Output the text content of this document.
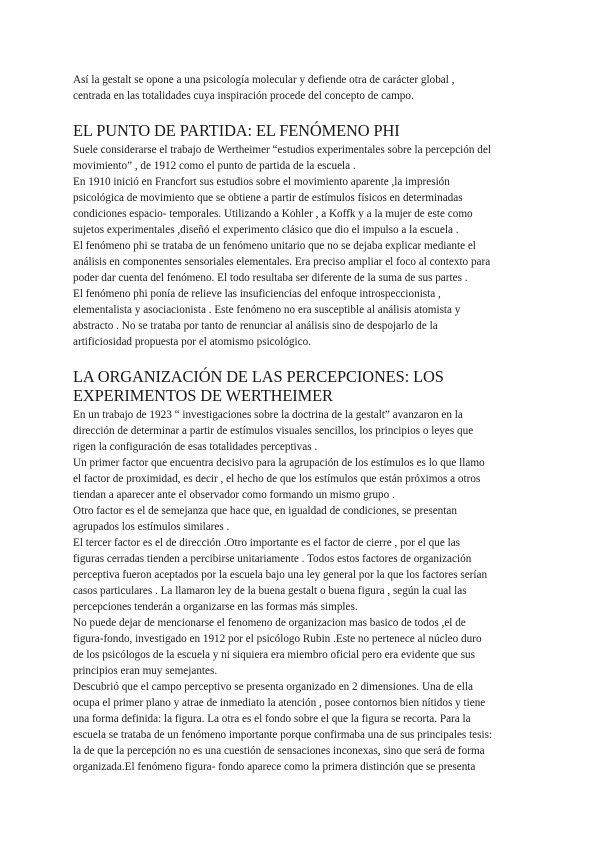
Así la gestalt se opone a una psicología molecular y defiende otra de carácter global ,

centrada en las totalidades cuya inspiración procede del concepto de campo.

EL PUNTO DE PARTIDA: EL FENÓMENO PHI

Suele considerarse el trabajo de Wertheimer “estudios experimentales sobre la percepción del

movimiento” , de 1912 como el punto de partida de la escuela .

En 1910 inició en Francfort sus estudios sobre el movimiento aparente ,la impresión

psicológica de movimiento que se obtiene a partir de estímulos físicos en determinadas

condiciones espacio- temporales. Utilizando a Kohler , a Koffk y a la mujer de este como

sujetos experimentales ,diseñó el experimento clásico que dio el impulso a la escuela .

El fenómeno phi se trataba de un fenómeno unitario que no se dejaba explicar mediante el

análisis en componentes sensoriales elementales. Era preciso ampliar el foco al contexto para

poder dar cuenta del fenómeno. El todo resultaba ser diferente de la suma de sus partes .

El fenómeno phi ponía de relieve las insuficiencias del enfoque introspeccionista ,

elementalista y asociacionista . Este fenómeno no era susceptible al análisis atomista y

abstracto . No se trataba por tanto de renunciar al análisis sino de despojarlo de la

artificiosidad propuesta por el atomismo psicológico.

LA ORGANIZACIÓN DE LAS PERCEPCIONES: LOS
EXPERIMENTOS DE WERTHEIMER

En un trabajo de 1923 “ investigaciones sobre la doctrina de la gestalt” avanzaron en la

dirección de determinar a partir de estímulos visuales sencillos, los principios o leyes que

rigen la configuración de esas totalidades perceptivas .

Un primer factor que encuentra decisivo para la agrupación de los estímulos es lo que llamo

el factor de proximidad, es decir , el hecho de que los estímulos que están próximos a otros

tiendan a aparecer ante el observador como formando un mismo grupo .

Otro factor es el de semejanza que hace que, en igualdad de condiciones, se presentan

agrupados los estímulos similares .

El tercer factor es el de dirección .Otro importante es el factor de cierre , por el que las

figuras cerradas tienden a percibirse unitariamente . Todos estos factores de organización

perceptiva fueron aceptados por la escuela bajo una ley general por la que los factores serían

casos particulares . La llamaron ley de la buena gestalt o buena figura , según la cual las

percepciones tenderán a organizarse en las formas más simples.

No puede dejar de mencionarse el fenomeno de organizacion mas basico de todos ,el de

figura-fondo, investigado en 1912 por el psicólogo Rubin .Este no pertenece al núcleo duro

de los psicólogos de la escuela y ni siquiera era miembro oficial pero era evidente que sus

principios eran muy semejantes.

Descubrió que el campo perceptivo se presenta organizado en 2 dimensiones. Una de ella

ocupa el primer plano y atrae de inmediato la atención , posee contornos bien nítidos y tiene

una forma definida: la figura. La otra es el fondo sobre el que la figura se recorta. Para la

escuela se trataba de un fenómeno importante porque confirmaba una de sus principales tesis:

la de que la percepción no es una cuestión de sensaciones inconexas, sino que será de forma

organizada.El fenómeno figura- fondo aparece como la primera distinción que se presenta
